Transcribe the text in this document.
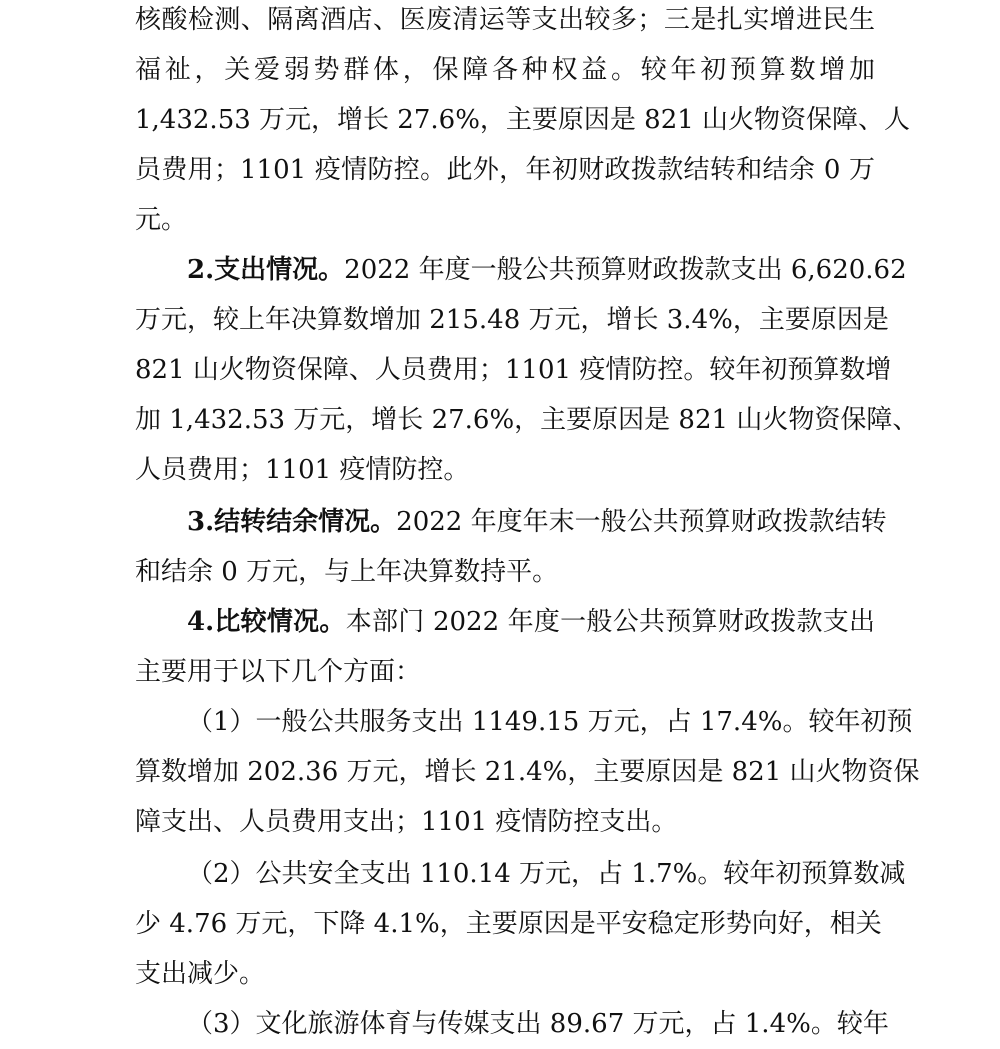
核酸检测、隔离酒店、医废清运等支出较多；三是扎实增进民生
福祉，关爱弱势群体，保障各种权益。较年初预算数增加
1,432.53 万元，增长 27.6%，主要原因是 821 山火物资保障、人
员费用；1101 疫情防控。此外，年初财政拨款结转和结余 0 万
元。
2.支出情况。2022 年度一般公共预算财政拨款支出 6,620.62
万元，较上年决算数增加 215.48 万元，增长 3.4%，主要原因是
821 山火物资保障、人员费用；1101 疫情防控。较年初预算数增
加 1,432.53 万元，增长 27.6%，主要原因是 821 山火物资保障、
人员费用；1101 疫情防控。
3.结转结余情况。2022 年度年末一般公共预算财政拨款结转
和结余 0 万元，与上年决算数持平。
4.比较情况。本部门 2022 年度一般公共预算财政拨款支出
主要用于以下几个方面：
（1）一般公共服务支出 1149.15 万元，占 17.4%。较年初预
算数增加 202.36 万元，增长 21.4%，主要原因是 821 山火物资保
障支出、人员费用支出；1101 疫情防控支出。
（2）公共安全支出 110.14 万元，占 1.7%。较年初预算数减
少 4.76 万元，下降 4.1%，主要原因是平安稳定形势向好，相关
支出减少。
（3）文化旅游体育与传媒支出 89.67 万元，占 1.4%。较年
